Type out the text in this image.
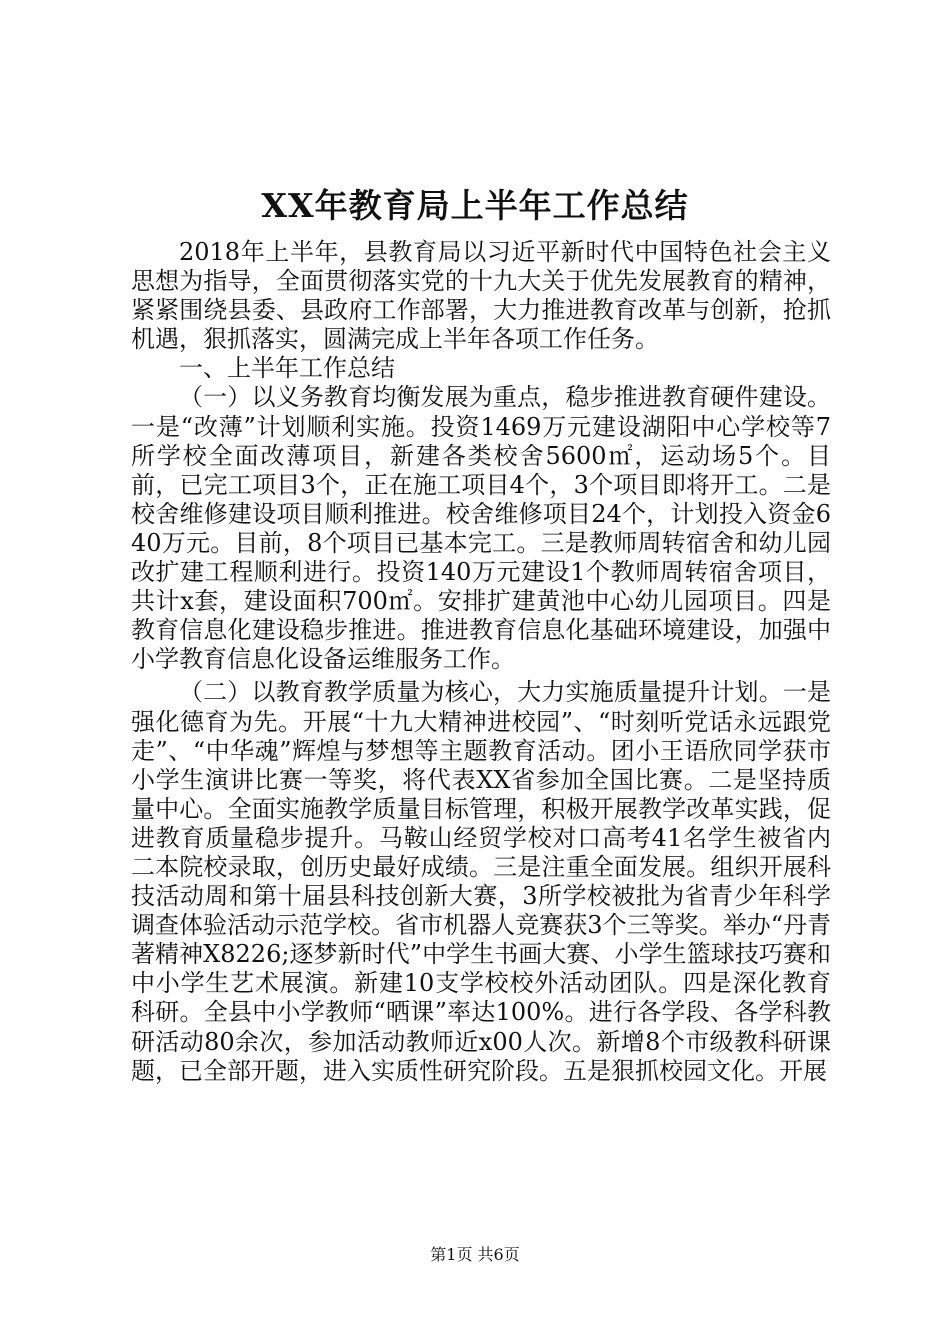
XX年教育局上半年工作总结

2018年上半年，县教育局以习近平新时代中国特色社会主义思想为指导，全面贯彻落实党的十九大关于优先发展教育的精神，紧紧围绕县委、县政府工作部署，大力推进教育改革与创新，抢抓机遇，狠抓落实，圆满完成上半年各项工作任务。

一、上半年工作总结

（一）以义务教育均衡发展为重点，稳步推进教育硬件建设。一是“改薄”计划顺利实施。投资1469万元建设湖阳中心学校等7所学校全面改薄项目，新建各类校舍5600㎡，运动场5个。目前，已完工项目3个，正在施工项目4个，3个项目即将开工。二是校舍维修建设项目顺利推进。校舍维修项目24个，计划投入资金640万元。目前，8个项目已基本完工。三是教师周转宿舍和幼儿园改扩建工程顺利进行。投资140万元建设1个教师周转宿舍项目，共计x套，建设面积700㎡。安排扩建黄池中心幼儿园项目。四是教育信息化建设稳步推进。推进教育信息化基础环境建设，加强中小学教育信息化设备运维服务工作。

（二）以教育教学质量为核心，大力实施质量提升计划。一是强化德育为先。开展“十九大精神进校园”、“时刻听党话永远跟党走”、“中华魂”辉煌与梦想等主题教育活动。团小王语欣同学获市小学生演讲比赛一等奖，将代表XX省参加全国比赛。二是坚持质量中心。全面实施教学质量目标管理，积极开展教学改革实践，促进教育质量稳步提升。马鞍山经贸学校对口高考41名学生被省内二本院校录取，创历史最好成绩。三是注重全面发展。组织开展科技活动周和第十届县科技创新大赛，3所学校被批为省青少年科学调查体验活动示范学校。省市机器人竞赛获3个三等奖。举办“丹青著精神X8226;逐梦新时代”中学生书画大赛、小学生篮球技巧赛和中小学生艺术展演。新建10支学校校外活动团队。四是深化教育科研。全县中小学教师“晒课”率达100%。进行各学段、各学科教研活动80余次，参加活动教师近x00人次。新增8个市级教科研课题，已全部开题，进入实质性研究阶段。五是狠抓校园文化。开展

第1页 共6页
